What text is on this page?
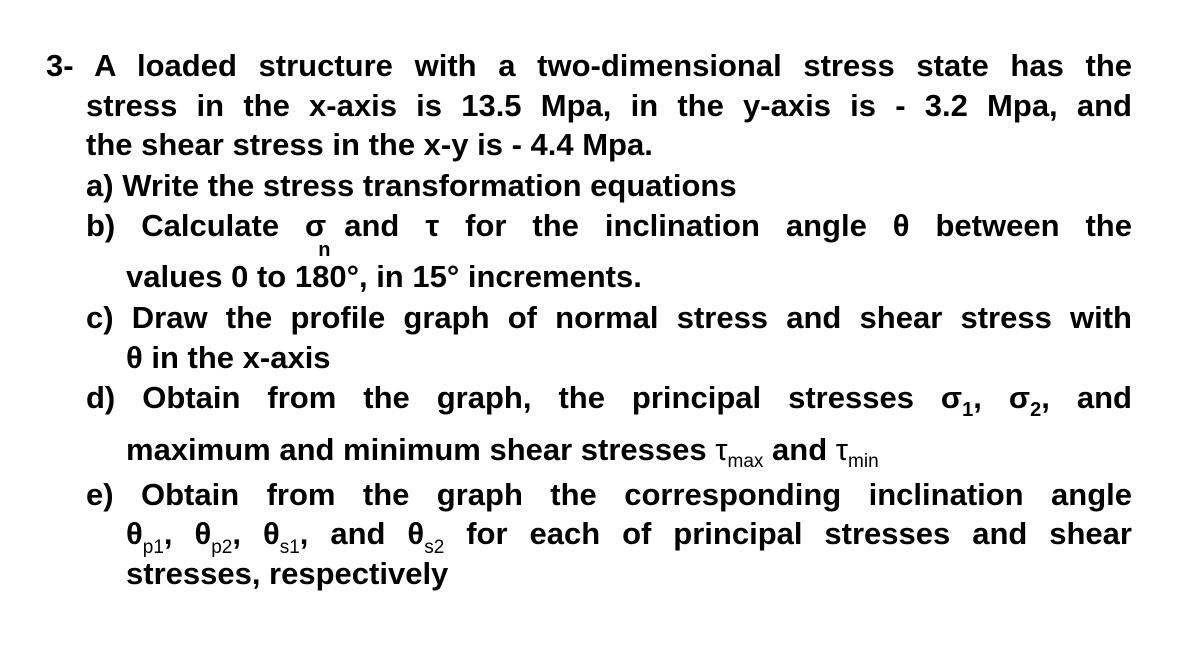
3- A loaded structure with a two-dimensional stress state has the
stress in the x-axis is 13.5 Mpa, in the y-axis is - 3.2 Mpa, and
the shear stress in the x-y is - 4.4 Mpa.
a) Write the stress transformation equations
b) Calculate σn and τ for the inclination angle θ between the
values 0 to 180°, in 15° increments.
c) Draw the profile graph of normal stress and shear stress with
θ in the x-axis
d) Obtain from the graph, the principal stresses $\sigma_1$, $\sigma_2$, and
maximum and minimum shear stresses $\tau_{max}$ and $\tau_{min}$
e) Obtain from the graph the corresponding inclination angle
$\theta_{p1}$, $\theta_{p2}$, $\theta_{s1}$, and $\theta_{s2}$ for each of principal stresses and shear
stresses, respectively
